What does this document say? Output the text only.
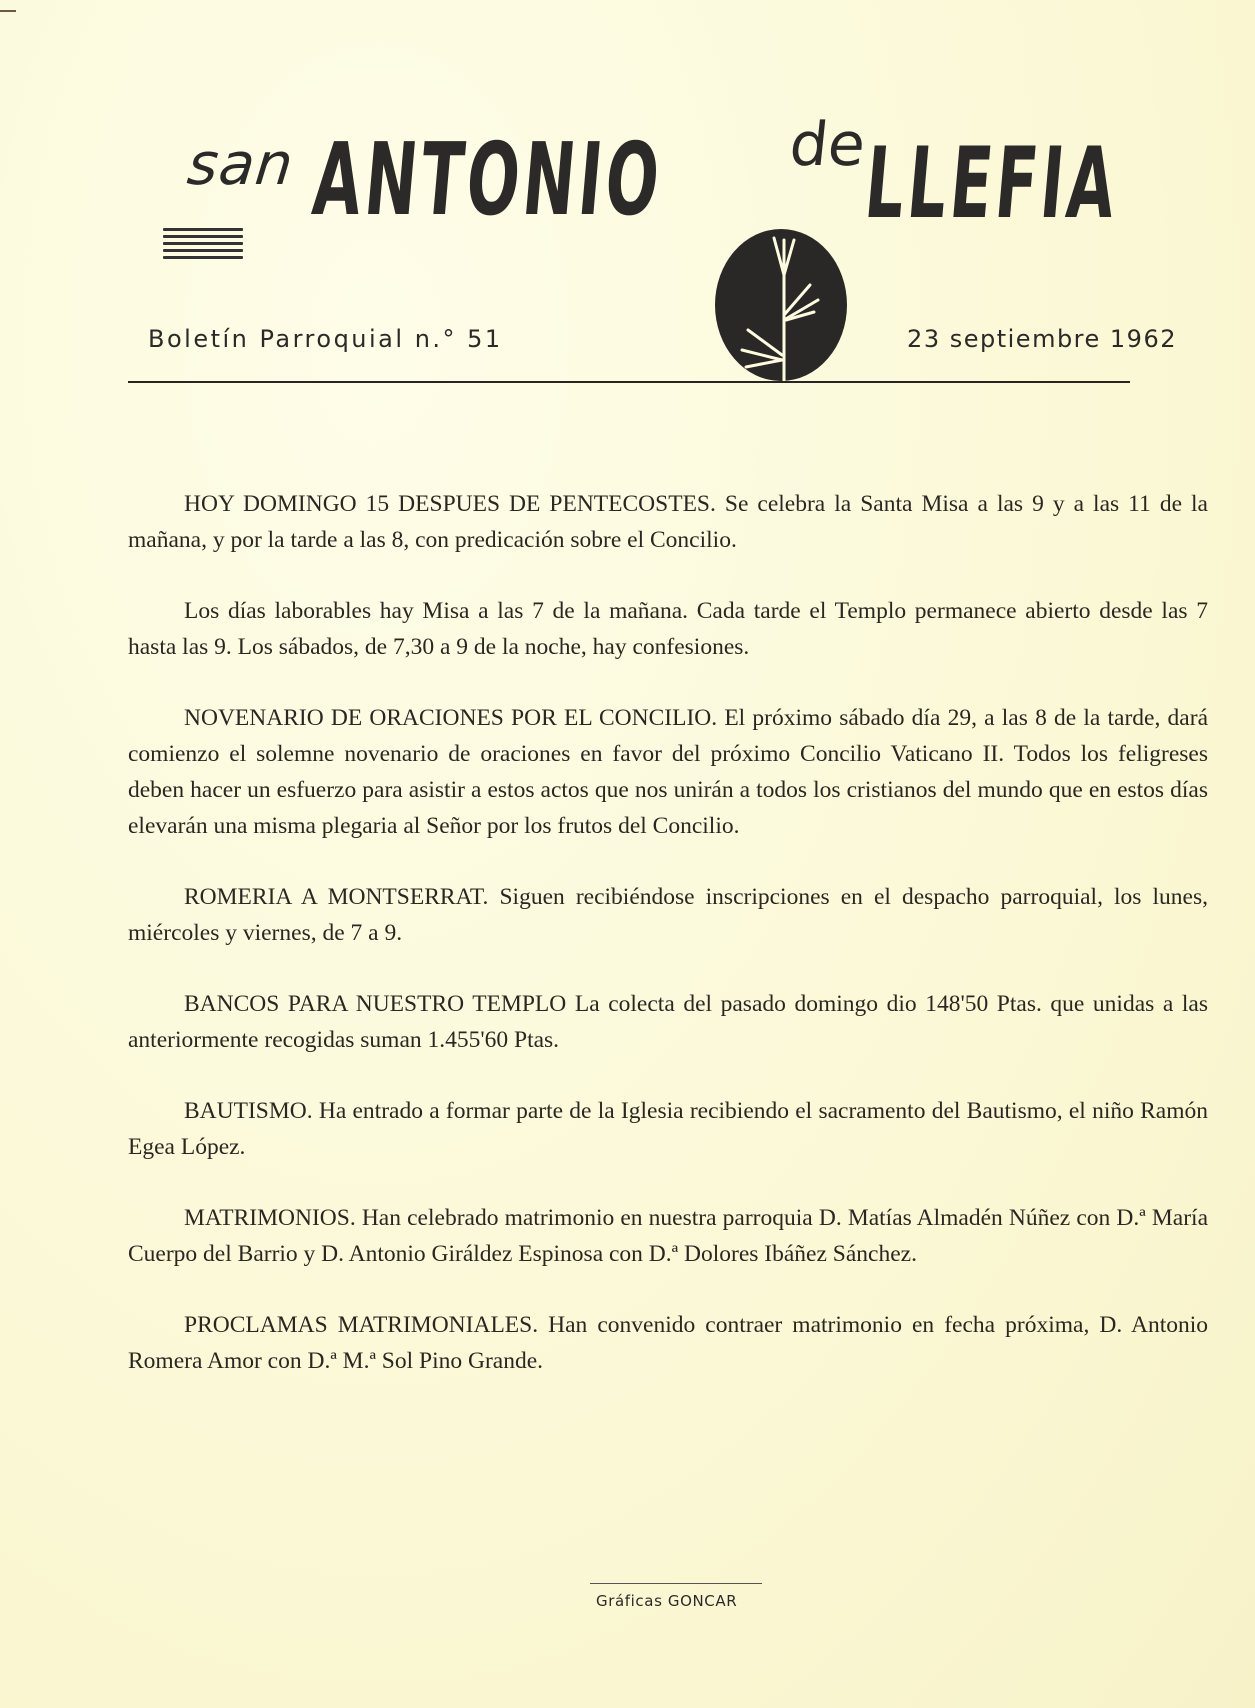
san ANTONIO de
LLEFIA
Boletín Parroquial n.° 51	23 septiembre 1962

HOY DOMINGO 15 DESPUES DE PENTECOSTES. Se celebra la Santa Misa a las 9 y a las 11 de la mañana, y por la tarde a las 8, con predicación sobre el Concilio.

Los días laborables hay Misa a las 7 de la mañana. Cada tarde el Templo permanece abierto desde las 7 hasta las 9. Los sábados, de 7,30 a 9 de la noche, hay confesiones.

NOVENARIO DE ORACIONES POR EL CONCILIO. El próximo sábado día 29, a las 8 de la tarde, dará comienzo el solemne novenario de oraciones en favor del próximo Concilio Vaticano II. Todos los feligreses deben hacer un esfuerzo para asistir a estos actos que nos unirán a todos los cristianos del mundo que en estos días elevarán una misma plegaria al Señor por los frutos del Concilio.

ROMERIA A MONTSERRAT. Siguen recibiéndose inscripciones en el despacho parroquial, los lunes, miércoles y viernes, de 7 a 9.

BANCOS PARA NUESTRO TEMPLO La colecta del pasado domingo dio 148'50 Ptas. que unidas a las anteriormente recogidas suman 1.455'60 Ptas.

BAUTISMO. Ha entrado a formar parte de la Iglesia recibiendo el sacramento del Bautismo, el niño Ramón Egea López.

MATRIMONIOS. Han celebrado matrimonio en nuestra parroquia D. Matías Almadén Núñez con D.ª María Cuerpo del Barrio y D. Antonio Giráldez Espinosa con D.ª Dolores Ibáñez Sánchez.

PROCLAMAS MATRIMONIALES. Han convenido contraer matrimonio en fecha próxima, D. Antonio Romera Amor con D.ª M.ª Sol Pino Grande.

Gráficas GONCAR
